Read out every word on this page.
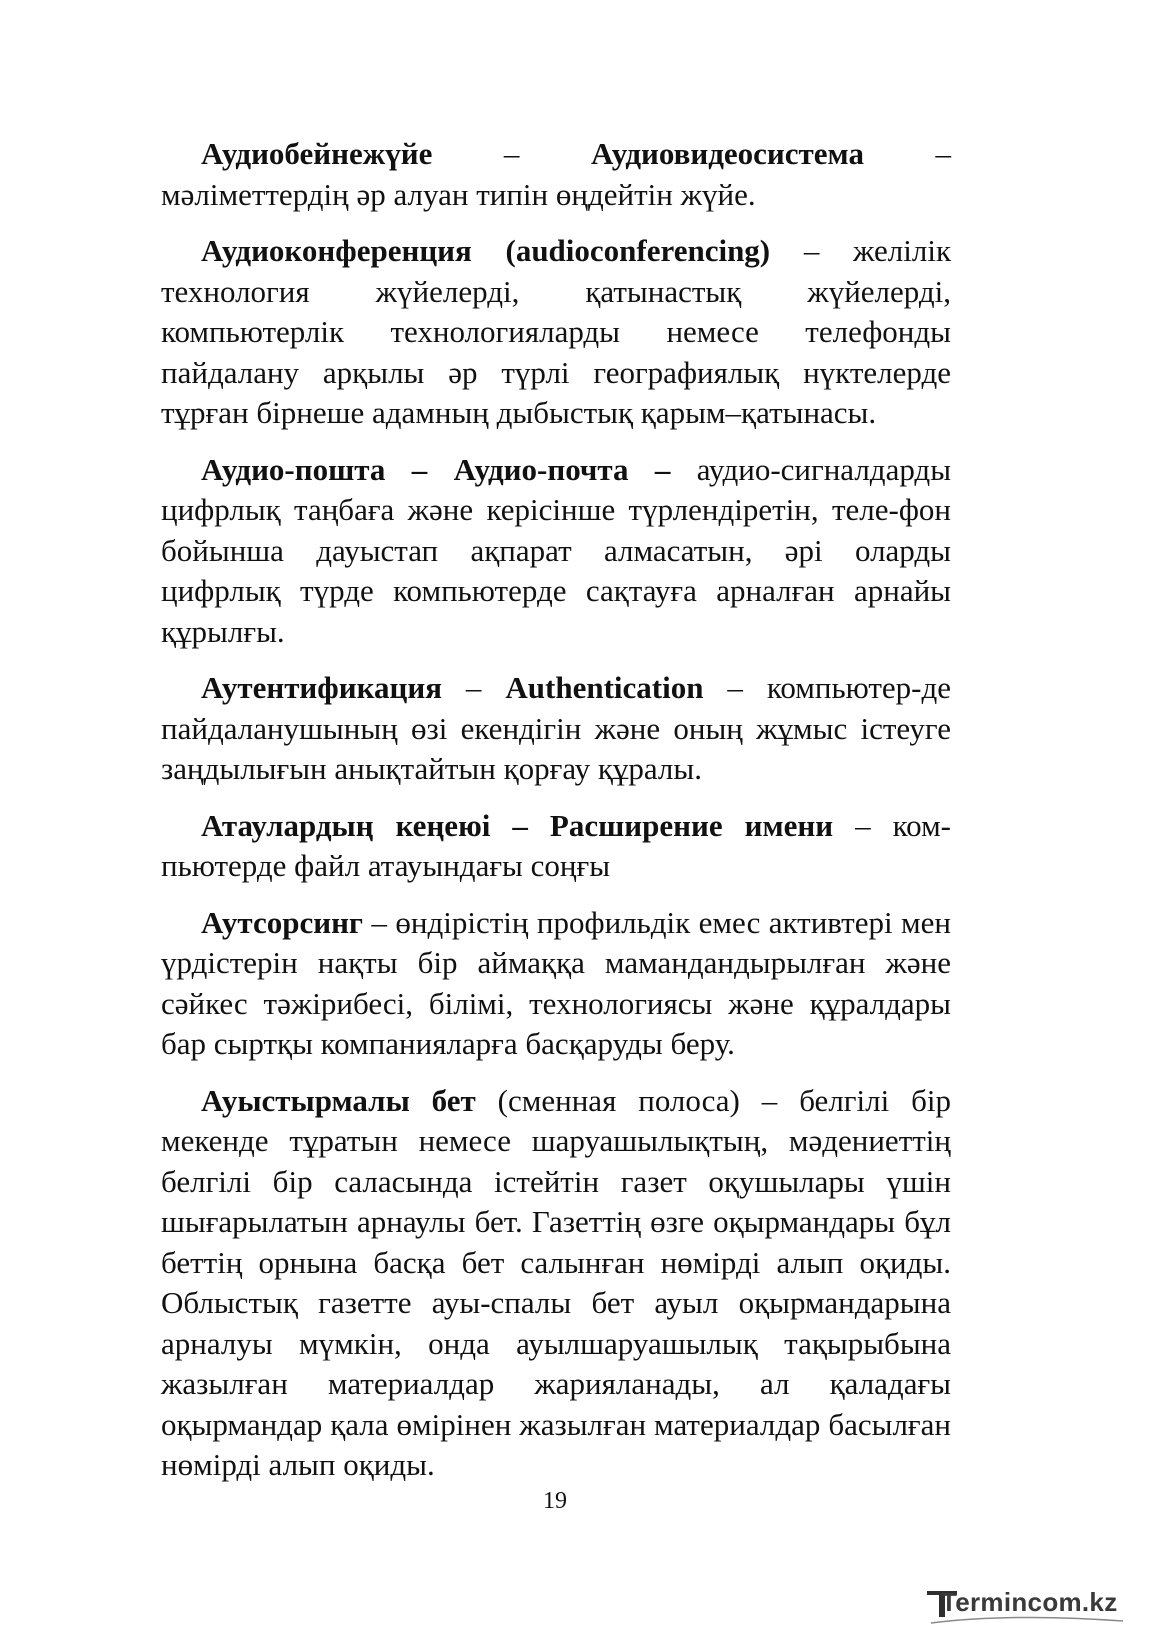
Аудиобейнежүйе – Аудиовидеосистема – мәліметтердің әр алуан типін өңдейтін жүйе.

Аудиоконференция (audioconferencing) – желілік технология жүйелерді, қатынастық жүйелерді, компьютерлік технологияларды немесе телефонды пайдалану арқылы әр түрлі географиялық нүктелерде тұрған бірнеше адамның дыбыстық қарым–қатынасы.

Аудио-пошта – Аудио-почта – аудио-сигналдарды цифрлық таңбаға және керісінше түрлендіретін, теле-фон бойынша дауыстап ақпарат алмасатын, әрі оларды цифрлық түрде компьютерде сақтауға арналған арнайы құрылғы.

Аутентификация – Authentication – компьютер-де пайдаланушының өзі екендігін және оның жұмыс істеуге заңдылығын анықтайтын қорғау құралы.

Атаулардың кеңеюі – Расширение имени – ком-пьютерде файл атауындағы соңғы

Аутсорсинг – өндірістің профильдік емес активтері мен үрдістерін нақты бір аймаққа мамандандырылған және сәйкес тәжірибесі, білімі, технологиясы және құралдары бар сыртқы компанияларға басқаруды беру.

Ауыстырмалы бет (сменная полоса) – белгілі бір мекенде тұратын немесе шаруашылықтың, мәдениеттің белгілі бір саласында істейтін газет оқушылары үшін шығарылатын арнаулы бет. Газеттің өзге оқырмандары бұл беттің орнына басқа бет салынған нөмірді алып оқиды. Облыстық газетте ауы-спалы бет ауыл оқырмандарына арналуы мүмкін, онда ауылшаруашылық тақырыбына жазылған материалдар жарияланады, ал қаладағы оқырмандар қала өмірінен жазылған материалдар басылған нөмірді алып оқиды.

19
Termincom.kz
